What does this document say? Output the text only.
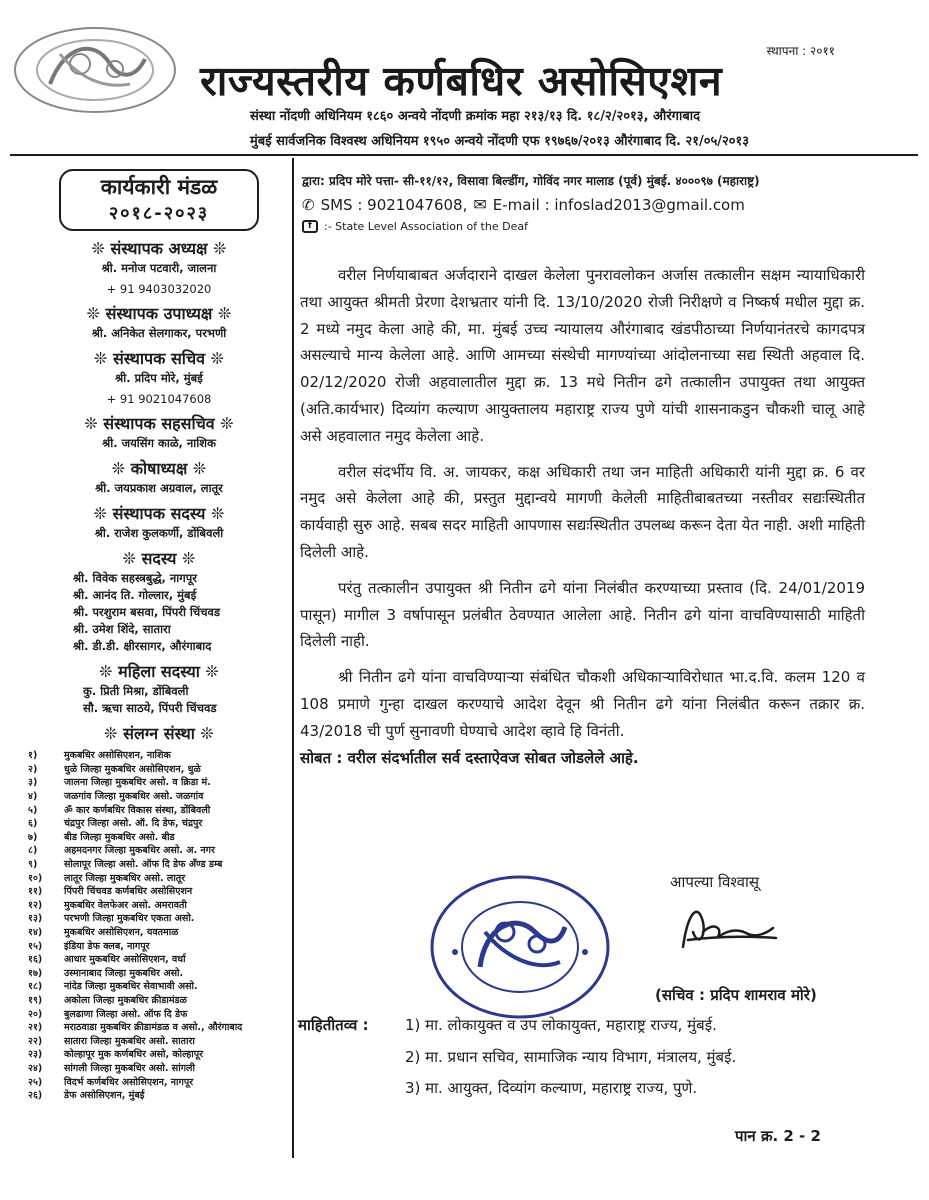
स्थापना : २०११
राज्यस्तरीय कर्णबधिर असोसिएशन
संस्था नोंदणी अधिनियम १८६० अन्वये नोंदणी क्रमांक महा २१३/१३ दि. १८/२/२०१३, औरंगाबाद
मुंबई सार्वजनिक विश्वस्थ अधिनियम १९५० अन्वये नोंदणी एफ १९७६७/२०१३ औरंगाबाद दि. २१/०५/२०१३
कार्यकारी मंडळ
२०१८-२०२३
❊ संस्थापक अध्यक्ष ❊
श्री. मनोज पटवारी, जालना
+ 91 9403032020
❊ संस्थापक उपाध्यक्ष ❊
श्री. अनिकेत सेलगाकर, परभणी
❊ संस्थापक सचिव ❊
श्री. प्रदिप मोरे, मुंबई
+ 91 9021047608
❊ संस्थापक सहसचिव ❊
श्री. जयसिंग काळे, नाशिक
❊ कोषाध्यक्ष ❊
श्री. जयप्रकाश अग्रवाल, लातूर
❊ संस्थापक सदस्य ❊
श्री. राजेश कुलकर्णी, डोंबिवली
❊ सदस्य ❊
श्री. विवेक सहस्त्रबुद्धे, नागपूर
श्री. आनंद ति. गोल्लार, मुंबई
श्री. परशुराम बसवा, पिंपरी चिंचवड
श्री. उमेश शिंदे, सातारा
श्री. डी.डी. क्षीरसागर, औरंगाबाद
❊ महिला सदस्या ❊
कु. प्रिती मिश्रा, डोंबिवली
सौ. ऋचा साठये, पिंपरी चिंचवड
❊ संलग्न संस्था ❊
१)	मुकबधिर असोसिएशन, नाशिक
२)	धुळे जिल्हा मुकबधिर असोसिएशन, धुळे
३)	जालना जिल्हा मुकबधिर असो. व क्रिडा मं.
४)	जळगांव जिल्हा मुकबधिर असो. जळगांव
५)	ॐ कार कर्णबधिर विकास संस्था, डोंबिवली
६)	चंद्रपुर जिल्हा असो. ऑ. दि डेफ, चंद्रपुर
७)	बीड जिल्हा मुकबधिर असो. बीड
८)	अहमदनगर जिल्हा मुकबधिर असो. अ. नगर
९)	सोलापूर जिल्हा असो. ऑफ दि डेफ अँण्ड डम्ब
१०)	लातूर जिल्हा मुकबधिर असो. लातूर
११)	पिंपरी चिंचवड कर्णबधिर असोसिएशन
१२)	मुकबधिर वेलफेअर असो. अमरावती
१३)	परभणी जिल्हा मुकबधिर एकता असो.
१४)	मुकबधिर असोसिएशन, यवतमाळ
१५)	इंडिया डेफ क्लब, नागपूर
१६)	आधार मुकबधिर असोसिएशन, वर्धा
१७)	उस्मानाबाद जिल्हा मुकबधिर असो.
१८)	नांदेड जिल्हा मुकबधिर सेवाभावी असो.
१९)	अकोला जिल्हा मुकबधिर क्रीडामंडळ
२०)	बुलढाणा जिल्हा असो. ऑफ दि डेफ
२१)	मराठवाडा मुकबधिर क्रीडामंडळ व असो., औरंगाबाद
२२)	सातारा जिल्हा मुकबधिर असो. सातारा
२३)	कोल्हापूर मुक कर्णबधिर असो, कोल्हापूर
२४)	सांगली जिल्हा मुकबधिर असो. सांगली
२५)	विदर्भ कर्णबधिर असोसिएशन, नागपूर
२६)	डेफ असोसिएशन, मुंबई
द्वारा: प्रदिप मोरे पत्ता- सी-११/१२, विसावा बिल्डींग, गोविंद नगर मालाड (पूर्व) मुंबई. ४०००९७ (महाराष्ट्र)
✆ SMS : 9021047608, ✉ E-mail : infoslad2013@gmail.com
f	:- State Level Association of the Deaf

वरील निर्णयाबाबत अर्जदाराने दाखल केलेला पुनरावलोकन अर्जास तत्कालीन सक्षम न्यायाधिकारी तथा आयुक्त श्रीमती प्रेरणा देशभ्रतार यांनी दि. 13/10/2020 रोजी निरीक्षणे व निष्कर्ष मधील मुद्दा क्र. 2 मध्ये नमुद केला आहे की, मा. मुंबई उच्च न्यायालय औरंगाबाद खंडपीठाच्या निर्णयानंतरचे कागदपत्र असल्याचे मान्य केलेला आहे. आणि आमच्या संस्थेची मागण्यांच्या आंदोलनाच्या सद्य स्थिती अहवाल दि. 02/12/2020 रोजी अहवालातील मुद्दा क्र. 13 मधे नितीन ढगे तत्कालीन उपायुक्त तथा आयुक्त (अति.कार्यभार) दिव्यांग कल्याण आयुक्तालय महाराष्ट्र राज्य पुणे यांची शासनाकडुन चौकशी चालू आहे असे अहवालात नमुद केलेला आहे.

वरील संदर्भीय वि. अ. जायकर, कक्ष अधिकारी तथा जन माहिती अधिकारी यांनी मुद्दा क्र. 6 वर नमुद असे केलेला आहे की, प्रस्तुत मुद्दान्वये मागणी केलेली माहितीबाबतच्या नस्तीवर सद्यःस्थितीत कार्यवाही सुरु आहे. सबब सदर माहिती आपणास सद्यःस्थितीत उपलब्ध करून देता येत नाही. अशी माहिती दिलेली आहे.

परंतु तत्कालीन उपायुक्त श्री नितीन ढगे यांना निलंबीत करण्याच्या प्रस्ताव (दि. 24/01/2019 पासून) मागील 3 वर्षापासून प्रलंबीत ठेवण्यात आलेला आहे. नितीन ढगे यांना वाचविण्यासाठी माहिती दिलेली नाही.

श्री नितीन ढगे यांना वाचविण्याऱ्या संबंधित चौकशी अधिकाऱ्याविरोधात भा.द.वि. कलम 120 व 108 प्रमाणे गुन्हा दाखल करण्याचे आदेश देवून श्री नितीन ढगे यांना निलंबीत करून तक्रार क्र. 43/2018 ची पुर्ण सुनावणी घेण्याचे आदेश व्हावे हि विनंती.

सोबत : वरील संदर्भातील सर्व दस्ताऐवज सोबत जोडलेले आहे.

आपल्या विश्वासू
(सचिव : प्रदिप शामराव मोरे)
माहितीतव्व : 1) मा. लोकायुक्त व उप लोकायुक्त, महाराष्ट्र राज्य, मुंबई.
2) मा. प्रधान सचिव, सामाजिक न्याय विभाग, मंत्रालय, मुंबई.
3) मा. आयुक्त, दिव्यांग कल्याण, महाराष्ट्र राज्य, पुणे.
पान क्र. 2 - 2
